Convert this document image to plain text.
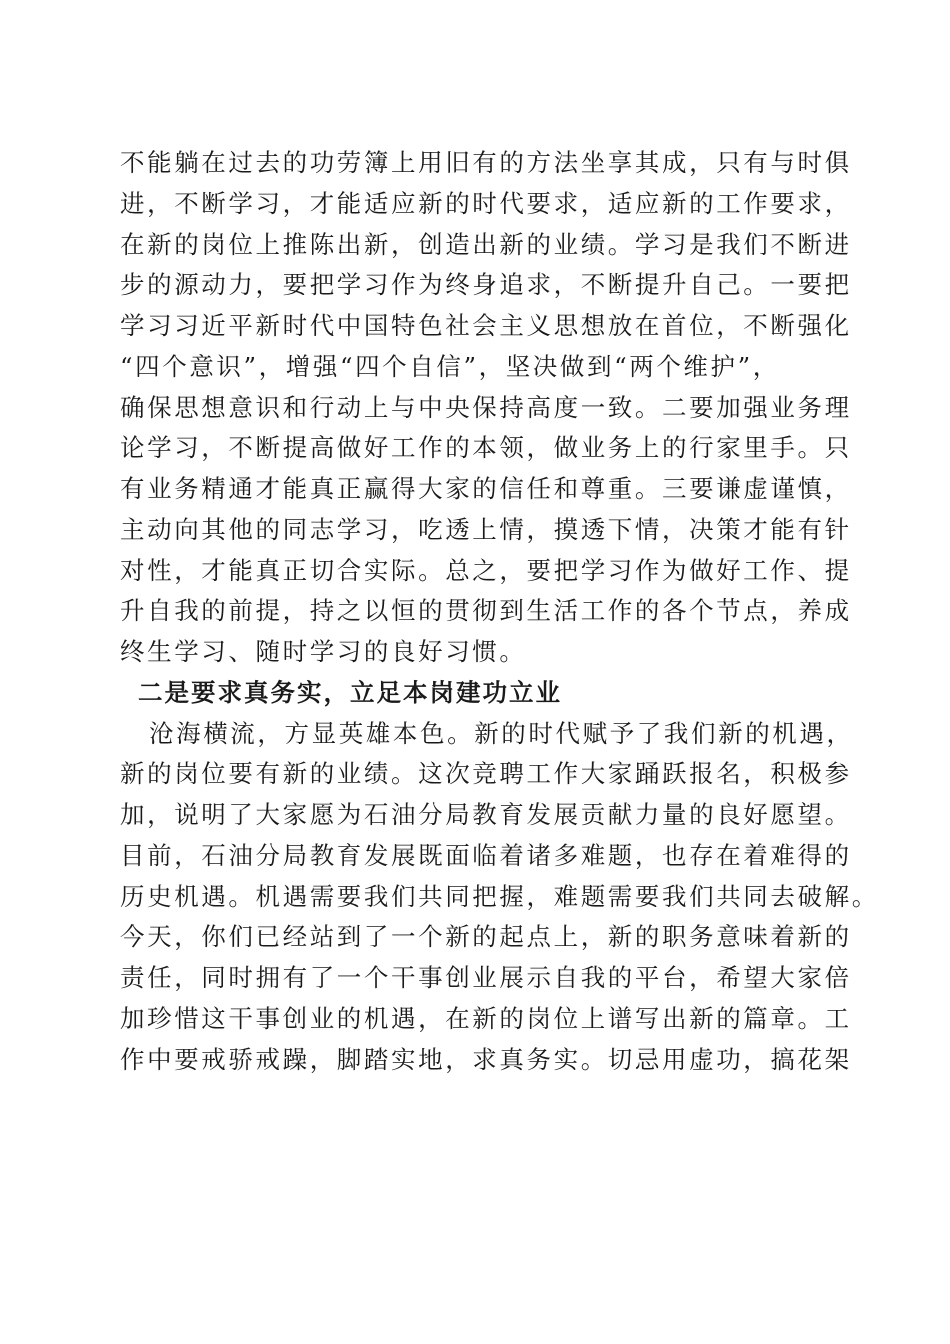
不能躺在过去的功劳簿上用旧有的方法坐享其成，只有与时俱
进，不断学习，才能适应新的时代要求，适应新的工作要求，
在新的岗位上推陈出新，创造出新的业绩。学习是我们不断进
步的源动力，要把学习作为终身追求，不断提升自己。一要把
学习习近平新时代中国特色社会主义思想放在首位，不断强化
“四个意识”，增强“四个自信”，坚决做到“两个维护”，
确保思想意识和行动上与中央保持高度一致。二要加强业务理
论学习，不断提高做好工作的本领，做业务上的行家里手。只
有业务精通才能真正赢得大家的信任和尊重。三要谦虚谨慎，
主动向其他的同志学习，吃透上情，摸透下情，决策才能有针
对性，才能真正切合实际。总之，要把学习作为做好工作、提
升自我的前提，持之以恒的贯彻到生活工作的各个节点，养成
终生学习、随时学习的良好习惯。
二是要求真务实，立足本岗建功立业
沧海横流，方显英雄本色。新的时代赋予了我们新的机遇，
新的岗位要有新的业绩。这次竞聘工作大家踊跃报名，积极参
加，说明了大家愿为石油分局教育发展贡献力量的良好愿望。
目前，石油分局教育发展既面临着诸多难题，也存在着难得的
历史机遇。机遇需要我们共同把握，难题需要我们共同去破解。
今天，你们已经站到了一个新的起点上，新的职务意味着新的
责任，同时拥有了一个干事创业展示自我的平台，希望大家倍
加珍惜这干事创业的机遇，在新的岗位上谱写出新的篇章。工
作中要戒骄戒躁，脚踏实地，求真务实。切忌用虚功，搞花架
